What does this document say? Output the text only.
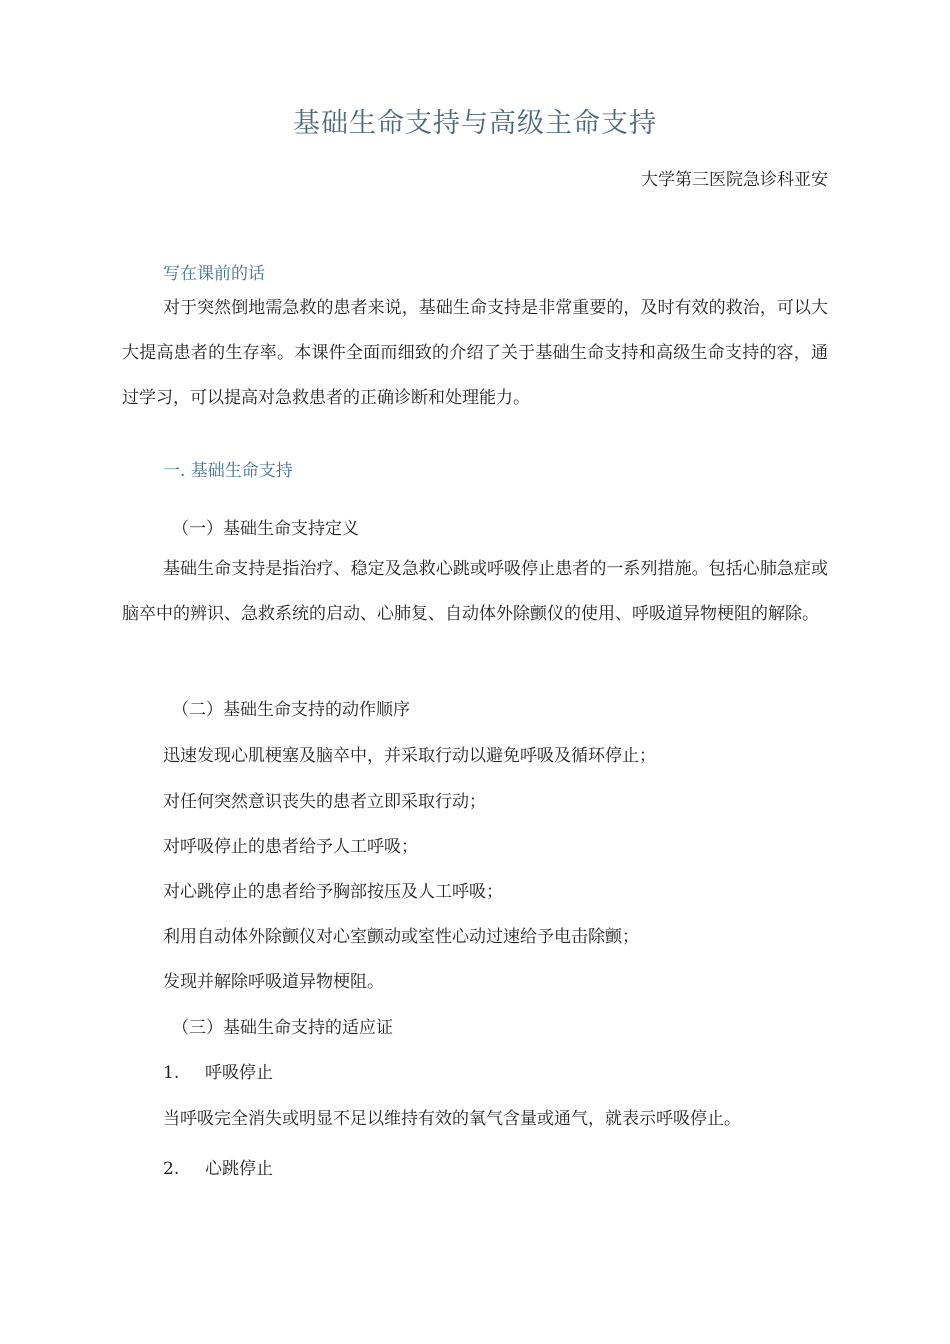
基础生命支持与高级主命支持
大学第三医院急诊科亚安
写在课前的话
对于突然倒地需急救的患者来说，基础生命支持是非常重要的，及时有效的救治，可以大大提高患者的生存率。本课件全面而细致的介绍了关于基础生命支持和高级生命支持的容，通过学习，可以提高对急救患者的正确诊断和处理能力。
一. 基础生命支持
（一）基础生命支持定义
基础生命支持是指治疗、稳定及急救心跳或呼吸停止患者的一系列措施。包括心肺急症或脑卒中的辨识、急救系统的启动、心肺复、自动体外除颤仪的使用、呼吸道异物梗阻的解除。
（二）基础生命支持的动作顺序
迅速发现心肌梗塞及脑卒中，并采取行动以避免呼吸及循环停止；
对任何突然意识丧失的患者立即采取行动；
对呼吸停止的患者给予人工呼吸；
对心跳停止的患者给予胸部按压及人工呼吸；
利用自动体外除颤仪对心室颤动或室性心动过速给予电击除颤；
发现并解除呼吸道异物梗阻。
（三）基础生命支持的适应证
1. 呼吸停止
当呼吸完全消失或明显不足以维持有效的氧气含量或通气，就表示呼吸停止。
2. 心跳停止
